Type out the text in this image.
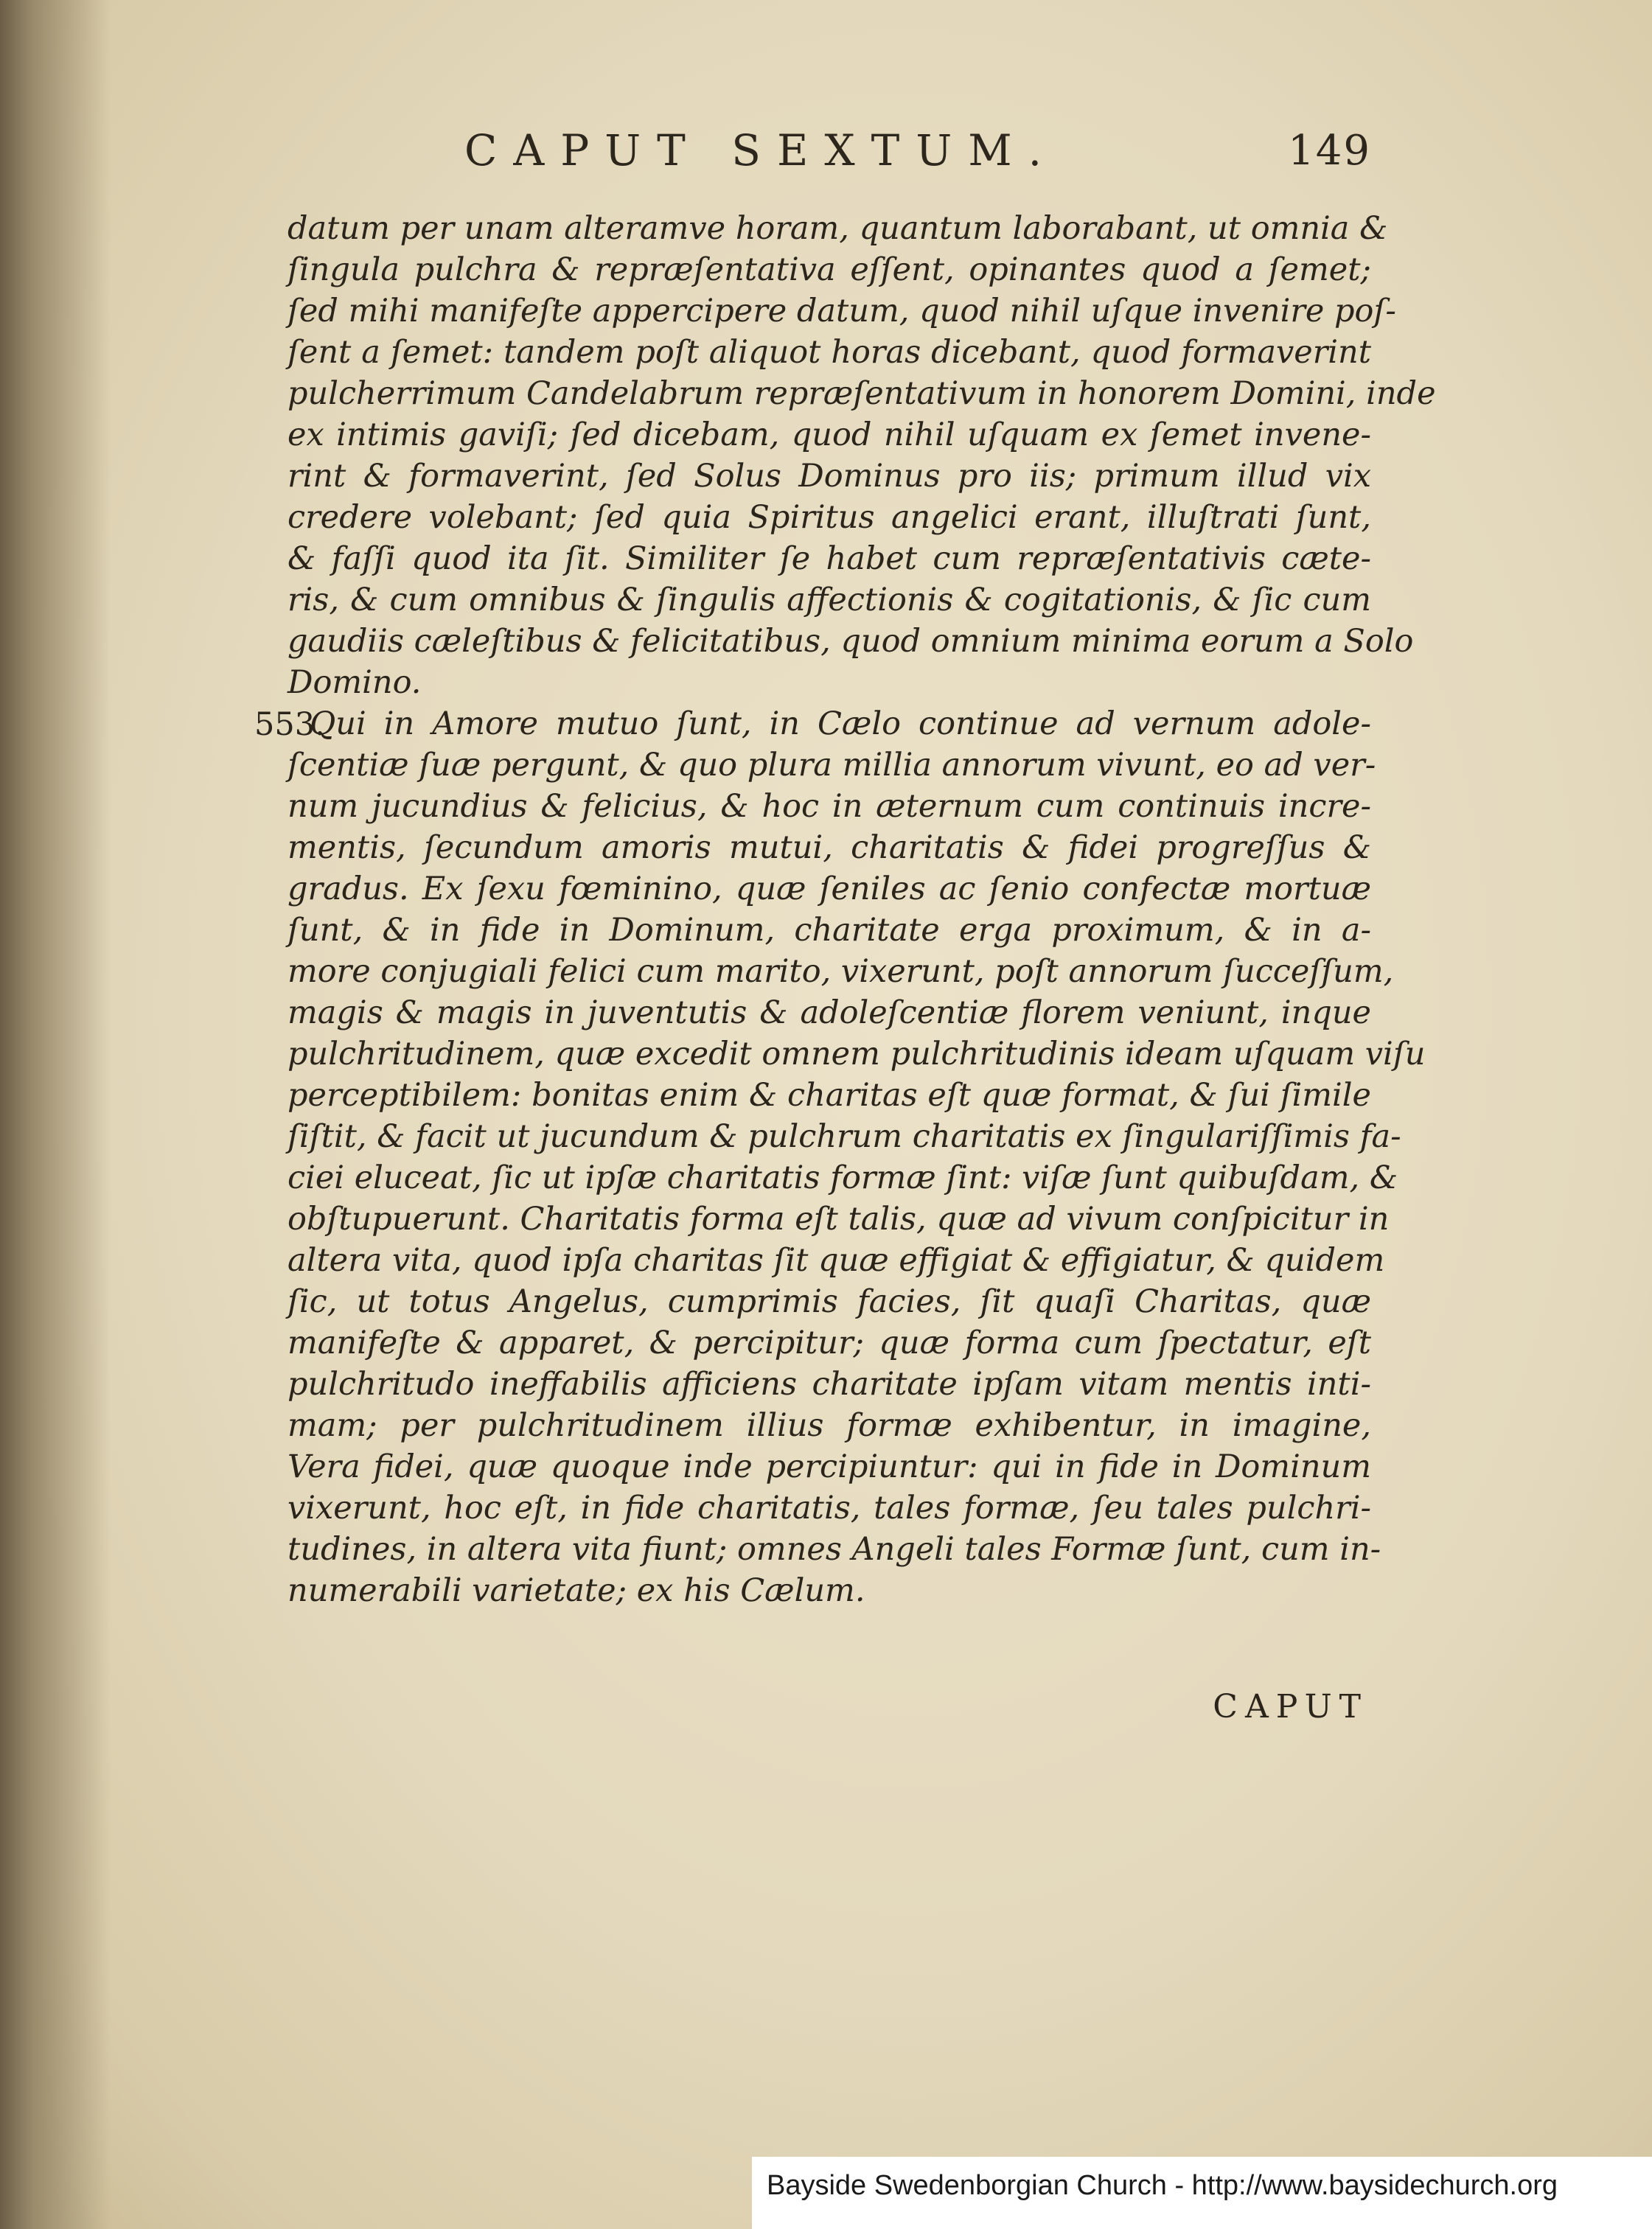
CAPUT SEXTUM.	149
datum per unam alteramve horam, quantum laborabant, ut omnia &
ſingula pulchra & repræſentativa eſſent, opinantes quod a ſemet;
ſed mihi manifeſte appercipere datum, quod nihil uſque invenire poſ-
ſent a ſemet: tandem poſt aliquot horas dicebant, quod formaverint
pulcherrimum Candelabrum repræſentativum in honorem Domini, inde
ex intimis gaviſi; ſed dicebam, quod nihil uſquam ex ſemet invene-
rint & formaverint, ſed Solus Dominus pro iis; primum illud vix
credere volebant; ſed quia Spiritus angelici erant, illuſtrati ſunt,
& faſſi quod ita ſit. Similiter ſe habet cum repræſentativis cæte-
ris, & cum omnibus & ſingulis affectionis & cogitationis, & ſic cum
gaudiis cæleſtibus & felicitatibus, quod omnium minima eorum a Solo
Domino.
Qui in Amore mutuo ſunt, in Cælo continue ad vernum adole-
ſcentiæ ſuæ pergunt, & quo plura millia annorum vivunt, eo ad ver-
num jucundius & felicius, & hoc in æternum cum continuis incre-
mentis, ſecundum amoris mutui, charitatis & fidei progreſſus &
gradus. Ex ſexu fœminino, quæ ſeniles ac ſenio confectæ mortuæ
ſunt, & in fide in Dominum, charitate erga proximum, & in a-
more conjugiali felici cum marito, vixerunt, poſt annorum ſucceſſum,
magis & magis in juventutis & adoleſcentiæ florem veniunt, inque
pulchritudinem, quæ excedit omnem pulchritudinis ideam uſquam viſu
perceptibilem: bonitas enim & charitas eſt quæ format, & ſui ſimile
ſiſtit, & facit ut jucundum & pulchrum charitatis ex ſingulariſſimis fa-
ciei eluceat, ſic ut ipſæ charitatis formæ ſint: viſæ ſunt quibuſdam, &
obſtupuerunt. Charitatis forma eſt talis, quæ ad vivum conſpicitur in
altera vita, quod ipſa charitas ſit quæ effigiat & effigiatur, & quidem
ſic, ut totus Angelus, cumprimis facies, ſit quaſi Charitas, quæ
manifeſte & apparet, & percipitur; quæ forma cum ſpectatur, eſt
pulchritudo ineffabilis afficiens charitate ipſam vitam mentis inti-
mam; per pulchritudinem illius formæ exhibentur, in imagine,
Vera fidei, quæ quoque inde percipiuntur: qui in fide in Dominum
vixerunt, hoc eſt, in fide charitatis, tales formæ, ſeu tales pulchri-
tudines, in altera vita fiunt; omnes Angeli tales Formæ ſunt, cum in-
numerabili varietate; ex his Cælum.
553.
CAPUT
Bayside Swedenborgian Church - http://www.baysidechurch.org
